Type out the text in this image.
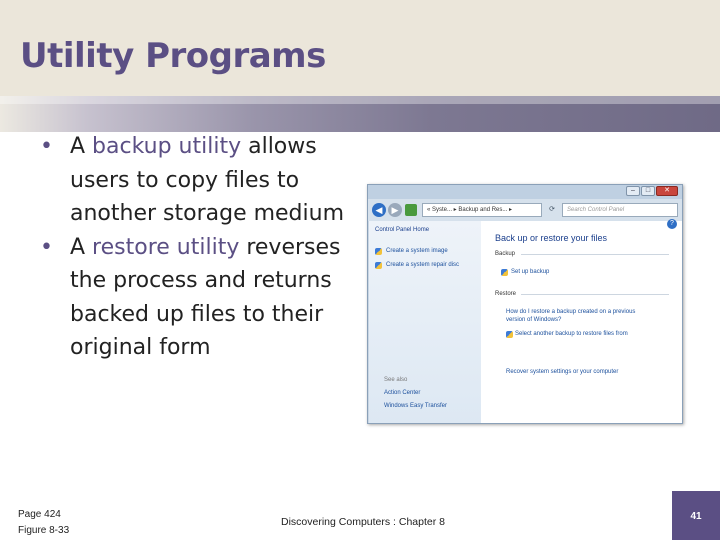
Utility Programs
• A backup utility allows users to copy files to another storage medium
• A restore utility reverses the process and returns backed up files to their original form
–	□	✕
◀	▶	« Syste... ▸ Backup and Res... ▸	⟳	Search Control Panel
Control Panel Home
Create a system image
Create a system repair disc
See also
Action Center
Windows Easy Transfer
?
Back up or restore your files
Backup
Set up backup
Restore
How do I restore a backup created on a previous
version of Windows?
Select another backup to restore files from
Recover system settings or your computer
Page 424
Figure 8-33
Discovering Computers : Chapter 8	41
